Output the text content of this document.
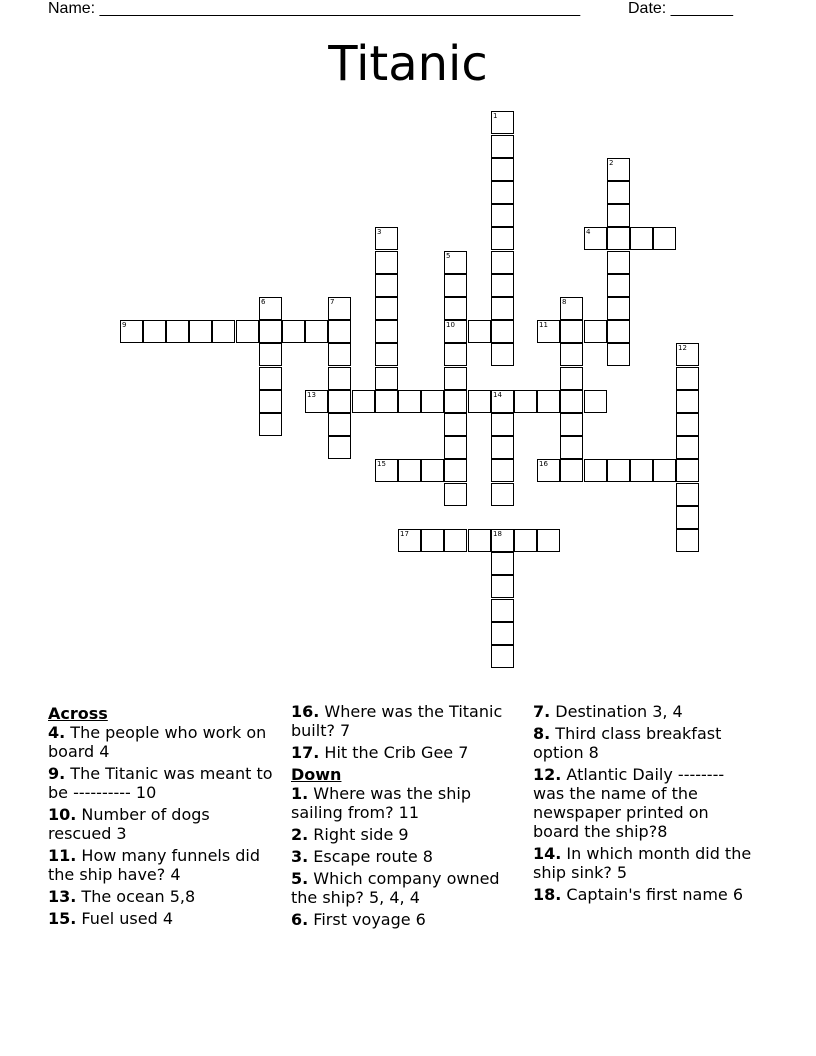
Name: ______________________________________________________	Date: _______
Titanic
1
2
3	4
5
6	7	8
9	10	11
12
13	14
15	16
17	18
Across
4. The people who work on board 4
9. The Titanic was meant to be ---------- 10
10. Number of dogs rescued 3
11. How many funnels did the ship have? 4
13. The ocean 5,8
15. Fuel used 4
16. Where was the Titanic built? 7
17. Hit the Crib Gee 7
Down
1. Where was the ship sailing from? 11
2. Right side 9
3. Escape route 8
5. Which company owned the ship? 5, 4, 4
6. First voyage 6
7. Destination 3, 4
8. Third class breakfast option 8
12. Atlantic Daily -------- was the name of the newspaper printed on board the ship?8
14. In which month did the ship sink? 5
18. Captain's first name 6
